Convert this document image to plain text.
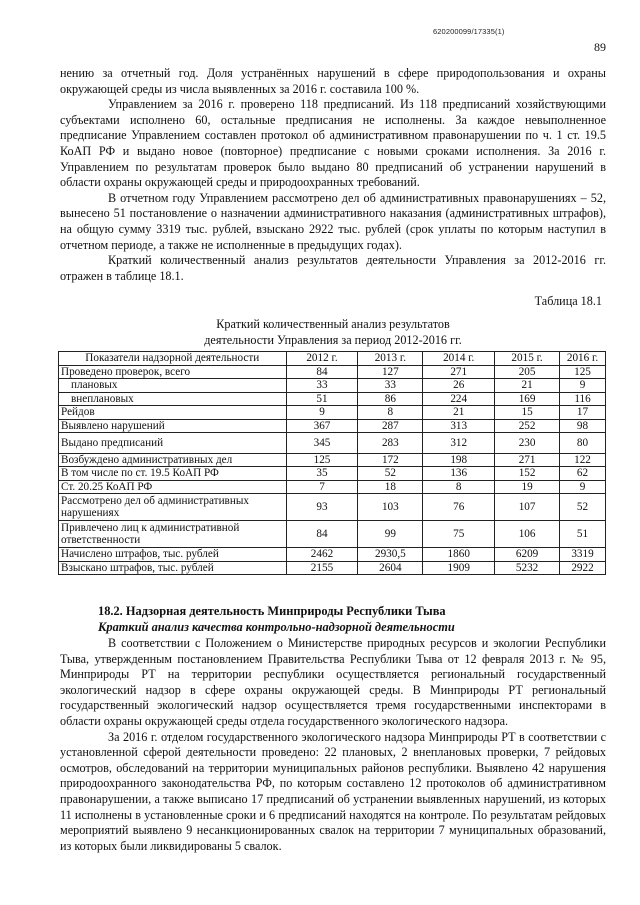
620200099/17335(1)
89

нению за отчетный год. Доля устранённых нарушений в сфере природопользования и охраны окружающей среды из числа выявленных за 2016 г. составила 100 %.

Управлением за 2016 г. проверено 118 предписаний. Из 118 предписаний хозяйствующими субъектами исполнено 60, остальные предписания не исполнены. За каждое невыполненное предписание Управлением составлен протокол об административном правонарушении по ч. 1 ст. 19.5 КоАП РФ и выдано новое (повторное) предписание с новыми сроками исполнения. За 2016 г. Управлением по результатам проверок было выдано 80 предписаний об устранении нарушений в области охраны окружающей среды и природоохранных требований.

В отчетном году Управлением рассмотрено дел об административных правонарушениях – 52, вынесено 51 постановление о назначении административного наказания (административных штрафов), на общую сумму 3319 тыс. рублей, взыскано 2922 тыс. рублей (срок уплаты по которым наступил в отчетном периоде, а также не исполненные в предыдущих годах).

Краткий количественный анализ результатов деятельности Управления за 2012-2016 гг. отражен в таблице 18.1.

Таблица 18.1
Краткий количественный анализ результатов
деятельности Управления за период 2012-2016 гг.
Показатели надзорной деятельности	2012 г.	2013 г.	2014 г.	2015 г.	2016 г.
Проведено проверок, всего	84	127	271	205	125
плановых	33	33	26	21	9
внеплановых	51	86	224	169	116
Рейдов	9	8	21	15	17
Выявлено нарушений	367	287	313	252	98
Выдано предписаний	345	283	312	230	80
Возбуждено административных дел	125	172	198	271	122
В том числе по ст. 19.5 КоАП РФ	35	52	136	152	62
Ст. 20.25 КоАП РФ	7	18	8	19	9
Рассмотрено дел об административных нарушениях	93	103	76	107	52
Привлечено лиц к административной ответственности	84	99	75	106	51
Начислено штрафов, тыс. рублей	2462	2930,5	1860	6209	3319
Взыскано штрафов, тыс. рублей	2155	2604	1909	5232	2922
18.2. Надзорная деятельность Минприроды Республики Тыва
Краткий анализ качества контрольно-надзорной деятельности

В соответствии с Положением о Министерстве природных ресурсов и экологии Республики Тыва, утвержденным постановлением Правительства Республики Тыва от 12 февраля 2013 г. № 95, Минприроды РТ на территории республики осуществляется региональный государственный экологический надзор в сфере охраны окружающей среды. В Минприроды РТ региональный государственный экологический надзор осуществляется тремя государственными инспекторами в области охраны окружающей среды отдела государственного экологического надзора.

За 2016 г. отделом государственного экологического надзора Минприроды РТ в соответствии с установленной сферой деятельности проведено: 22 плановых, 2 внеплановых проверки, 7 рейдовых осмотров, обследований на территории муниципальных районов республики. Выявлено 42 нарушения природоохранного законодательства РФ, по которым составлено 12 протоколов об административном правонарушении, а также выписано 17 предписаний об устранении выявленных нарушений, из которых 11 исполнены в установленные сроки и 6 предписаний находятся на контроле. По результатам рейдовых мероприятий выявлено 9 несанкционированных свалок на территории 7 муниципальных образований, из которых были ликвидированы 5 свалок.
